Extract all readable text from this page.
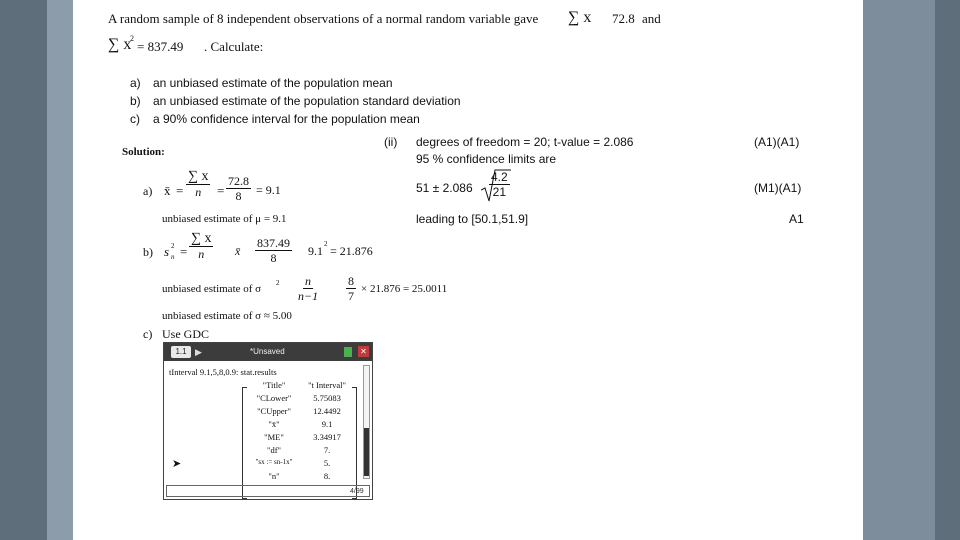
A random sample of 8 independent observations of a normal random variable gave ∑ x 72.8 and
∑ x
2
= 837.49 . Calculate:
a) an unbiased estimate of the population mean
b) an unbiased estimate of the population standard deviation
c) a 90% confidence interval for the population mean
Solution:
a) x̄ = $\frac{\sum x}{n} = \frac{72.8}{8} = 9.1$
unbiased estimate of μ = 9.1
b) s n
$2 = \frac{\sum x}{n}$ x̄ $\frac{837.49}{8} 9.1$ 2 = 21.876
unbiased estimate of σ $2 \frac{n}{n-1} \frac{8}{7} \times 21.876 = 25.0011$
unbiased estimate of σ ≈ 5.00
c) Use GDC
(ii) degrees of freedom = 20; t-value = 2.086	(A1)(A1)
95 % confidence limits are
$51 \pm 2.086 \frac{4.2}{21}$	(M1)(A1)
leading to [50.1,51.9]	A1
1.1 ▶	*Unsaved	✕
tInterval 9.1,5,8,0.9: stat.results
"Title"	"t Interval"
"CLower"	5.75083
"CUpper"	12.4492
"x̄"	9.1
"ME"	3.34917
"df"	7.
"sx := sn-1x"	5.
"n"	8.
➤
4/99
